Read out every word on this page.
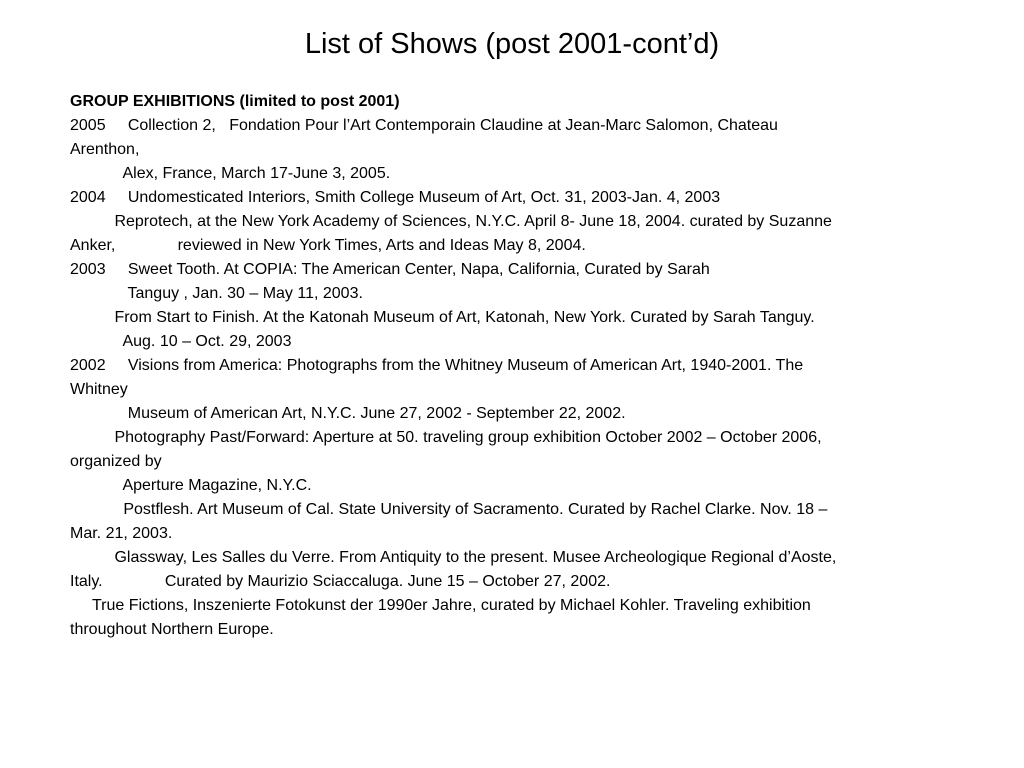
List of Shows (post 2001-cont’d)
GROUP EXHIBITIONS (limited to post 2001)
2005     Collection 2,   Fondation Pour l’Art Contemporain Claudine at Jean-Marc Salomon, Chateau
Arenthon,
Alex, France, March 17-June 3, 2005.
2004     Undomesticated Interiors, Smith College Museum of Art, Oct. 31, 2003-Jan. 4, 2003
Reprotech, at the New York Academy of Sciences, N.Y.C. April 8- June 18, 2004. curated by Suzanne
Anker,              reviewed in New York Times, Arts and Ideas May 8, 2004.
2003     Sweet Tooth. At COPIA: The American Center, Napa, California, Curated by Sarah
Tanguy , Jan. 30 – May 11, 2003.
From Start to Finish. At the Katonah Museum of Art, Katonah, New York. Curated by Sarah Tanguy.
Aug. 10 – Oct. 29, 2003
2002     Visions from America: Photographs from the Whitney Museum of American Art, 1940-2001. The
Whitney
Museum of American Art, N.Y.C. June 27, 2002 - September 22, 2002.
Photography Past/Forward: Aperture at 50. traveling group exhibition October 2002 – October 2006,
organized by
Aperture Magazine, N.Y.C.
Postflesh. Art Museum of Cal. State University of Sacramento. Curated by Rachel Clarke. Nov. 18 –
Mar. 21, 2003.
Glassway, Les Salles du Verre. From Antiquity to the present. Musee Archeologique Regional d’Aoste,
Italy.              Curated by Maurizio Sciaccaluga. June 15 – October 27, 2002.
True Fictions, Inszenierte Fotokunst der 1990er Jahre, curated by Michael Kohler. Traveling exhibition
throughout Northern Europe.
